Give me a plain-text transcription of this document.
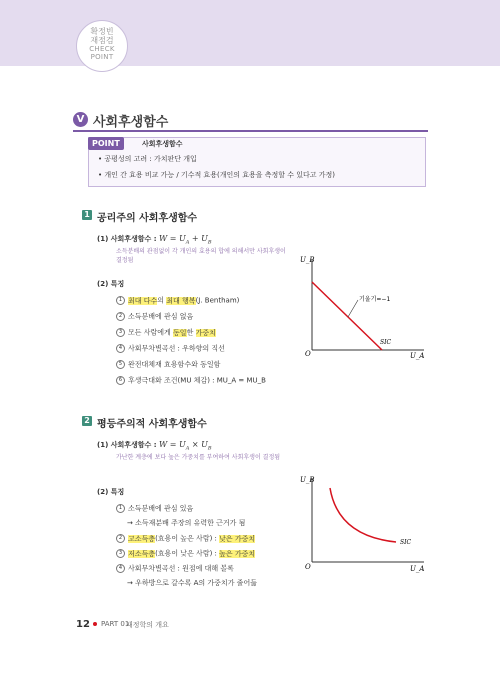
확정빈
재점검
CHECK
POINT
V 사회후생함수
POINT	사회후생함수
• 공평성의 고려 : 가치판단 개입
• 개인 간 효용 비교 가능 / 기수적 효용(개인의 효용을 측정할 수 있다고 가정)
1 공리주의 사회후생함수
(1) 사회후생함수 : $W = U_A + U_B$
소득분배의 관점없이 각 개인의 효용의 합에 의해서만 사회후생이 결정됨
(2) 특징
1 최대 다수의 최대 행복(J. Bentham)
2 소득분배에 관심 없음
3 모든 사람에게 동일한 가중치
4 사회무차별곡선 : 우하향의 직선
5 완전대체재 효용함수와 동일함
6 후생극대화 조건(MU 체감) : MU_A = MU_B
U_B
U_A
O
기울기=−1
SIC
2 평등주의적 사회후생함수
(1) 사회후생함수 : $W = U_A \times U_B$
가난한 계층에 보다 높은 가중치를 부여하여 사회후생이 결정됨
(2) 특징
1 소득분배에 관심 있음
→ 소득재분배 주장의 유력한 근거가 됨
2 고소득층(효용이 높은 사람) : 낮은 가중치
3 저소득층(효용이 낮은 사람) : 높은 가중치
4 사회무차별곡선 : 원점에 대해 볼록
→ 우하방으로 갈수록 A의 가중치가 줄어듦
U_B
U_A
O
SIC
12 PART 01
재정학의 개요
